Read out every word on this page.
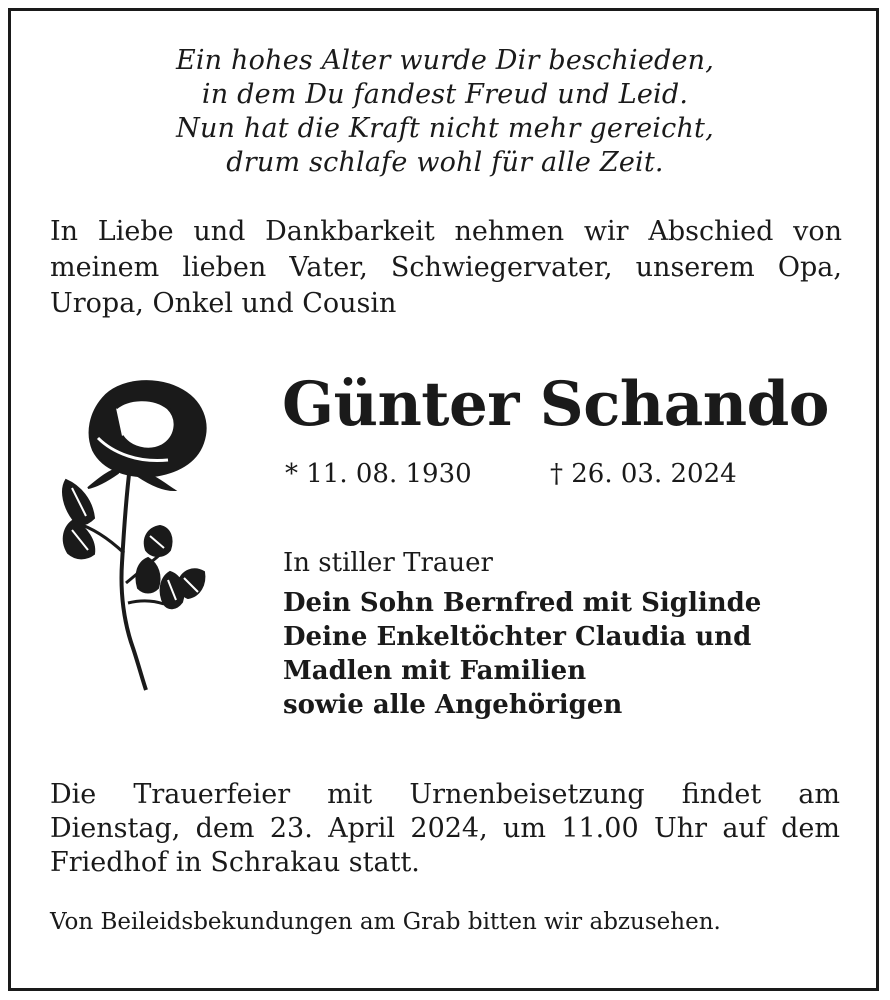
Ein hohes Alter wurde Dir beschieden,
in dem Du fandest Freud und Leid.
Nun hat die Kraft nicht mehr gereicht,
drum schlafe wohl für alle Zeit.
In Liebe und Dankbarkeit nehmen wir Abschied von
meinem lieben Vater, Schwiegervater, unserem Opa,
Uropa, Onkel und Cousin
Günter Schando
* 11. 08. 1930	† 26. 03. 2024
In stiller Trauer
Dein Sohn Bernfred mit Siglinde
Deine Enkeltöchter Claudia und
Madlen mit Familien
sowie alle Angehörigen
Die Trauerfeier mit Urnenbeisetzung findet am
Dienstag, dem 23. April 2024, um 11.00 Uhr auf dem
Friedhof in Schrakau statt.
Von Beileidsbekundungen am Grab bitten wir abzusehen.
